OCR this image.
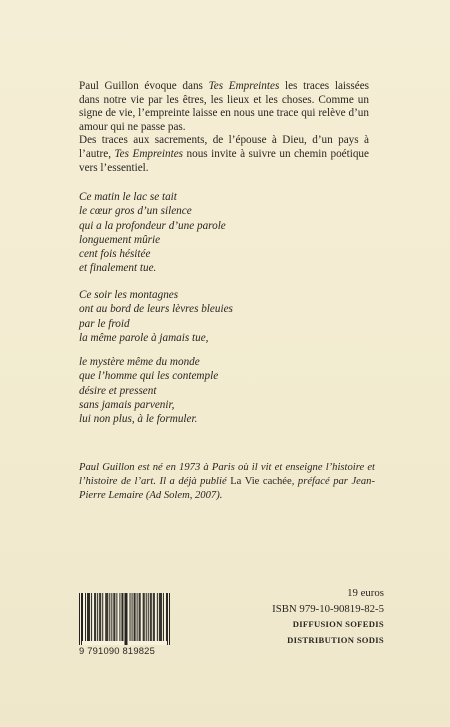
Paul Guillon évoque dans Tes Empreintes les traces laissées dans notre vie par les êtres, les lieux et les choses. Comme un signe de vie, l’empreinte laisse en nous une trace qui relève d’un amour qui ne passe pas.

Des traces aux sacrements, de l’épouse à Dieu, d’un pays à l’autre, Tes Empreintes nous invite à suivre un chemin poétique vers l’essentiel.

Ce matin le lac se tait
le cœur gros d’un silence
qui a la profondeur d’une parole
longuement mûrie
cent fois hésitée
et finalement tue.
Ce soir les montagnes
ont au bord de leurs lèvres bleuies
par le froid
la même parole à jamais tue,
le mystère même du monde
que l’homme qui les contemple
désire et pressent
sans jamais parvenir,
lui non plus, à le formuler.
Paul Guillon est né en 1973 à Paris où il vit et enseigne l’histoire et l’histoire de l’art. Il a déjà publié La Vie cachée, préfacé par Jean-Pierre Lemaire (Ad Solem, 2007).
19 euros
ISBN 979-10-90819-82-5
DIFFUSION SOFEDIS
DISTRIBUTION SODIS
9 791090 819825
